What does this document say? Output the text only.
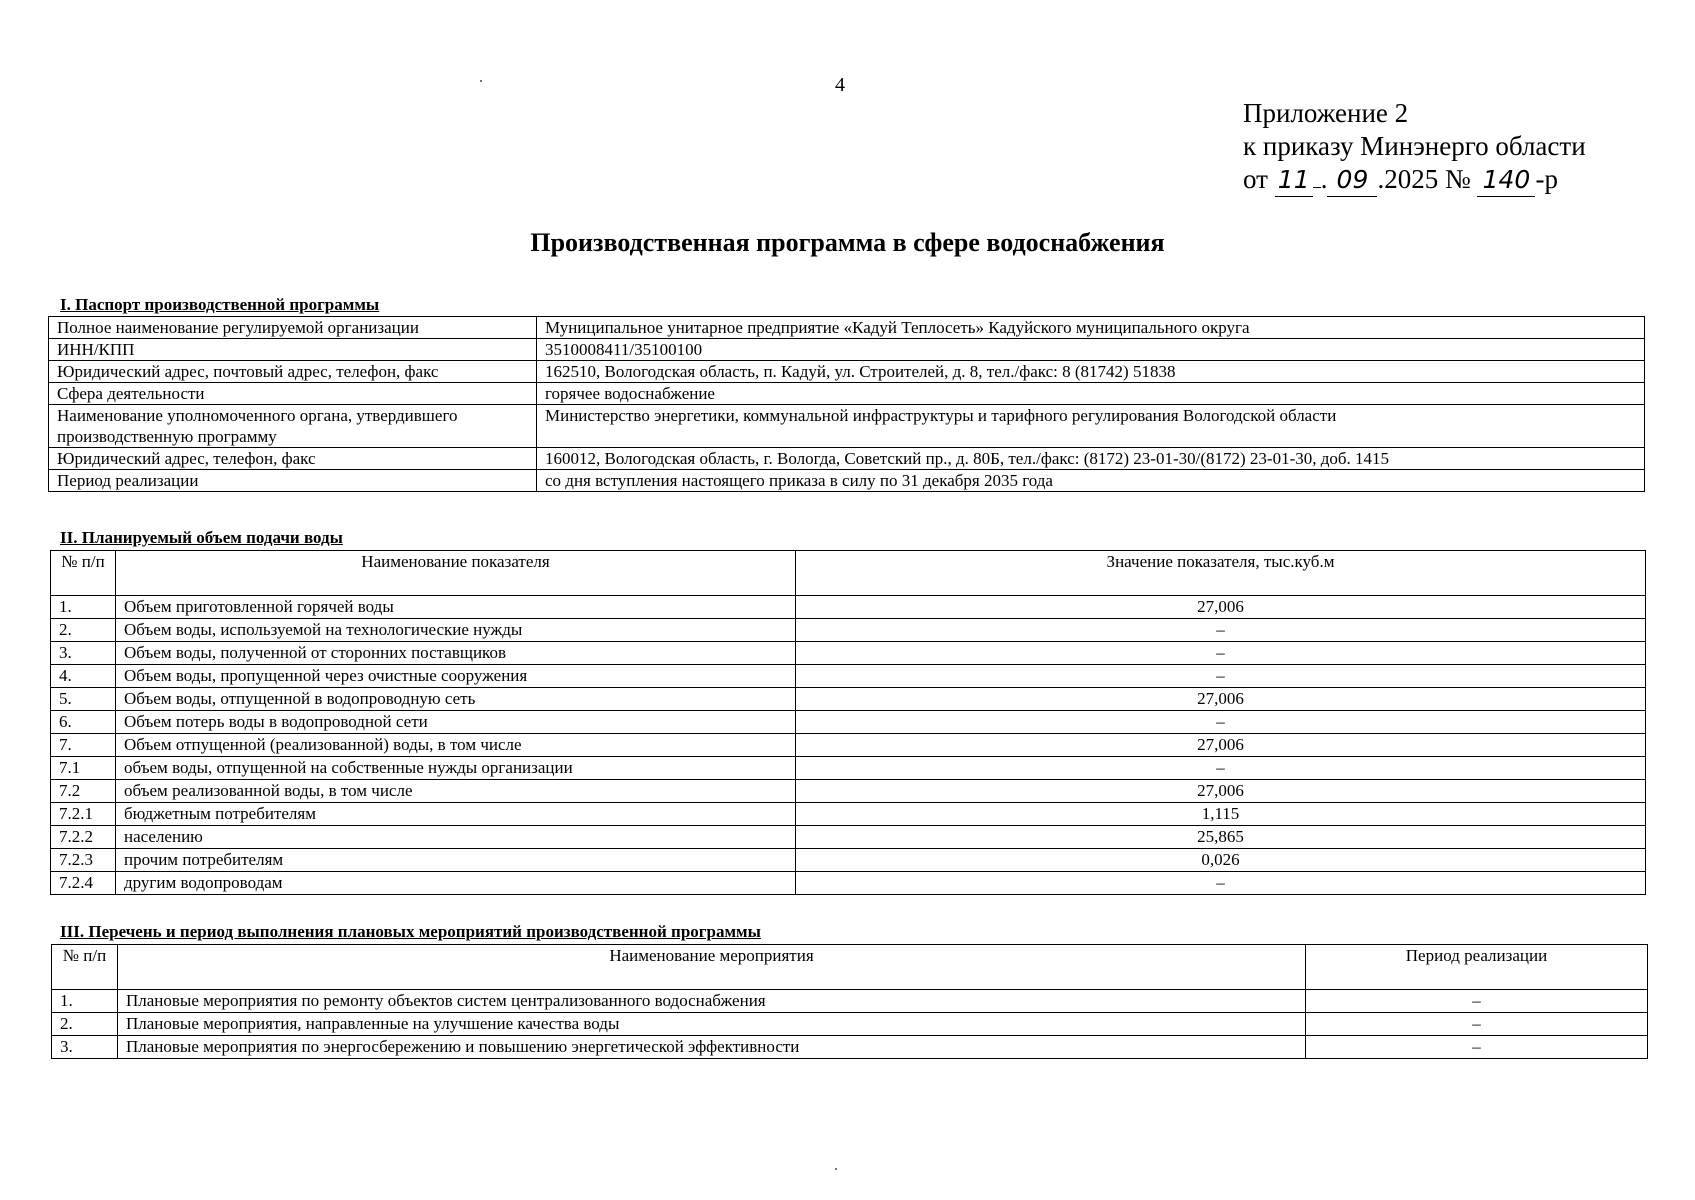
4
Приложение 2
к приказу Минэнерго области
от 11 . 09 .2025 № 140 -р
Производственная программа в сфере водоснабжения
I. Паспорт производственной программы
Полное наименование регулируемой организации	Муниципальное унитарное предприятие «Кадуй Теплосеть» Кадуйского муниципального округа
ИНН/КПП	3510008411/35100100
Юридический адрес, почтовый адрес, телефон, факс	162510, Вологодская область, п. Кадуй, ул. Строителей, д. 8, тел./факс: 8 (81742) 51838
Сфера деятельности	горячее водоснабжение
Наименование уполномоченного органа, утвердившего производственную программу	Министерство энергетики, коммунальной инфраструктуры и тарифного регулирования Вологодской области
Юридический адрес, телефон, факс	160012, Вологодская область, г. Вологда, Советский пр., д. 80Б, тел./факс: (8172) 23-01-30/(8172) 23-01-30, доб. 1415
Период реализации	со дня вступления настоящего приказа в силу по 31 декабря 2035 года
II. Планируемый объем подачи воды
№ п/п	Наименование показателя	Значение показателя, тыс.куб.м
1.	Объем приготовленной горячей воды	27,006
2.	Объем воды, используемой на технологические нужды	–
3.	Объем воды, полученной от сторонних поставщиков	–
4.	Объем воды, пропущенной через очистные сооружения	–
5.	Объем воды, отпущенной в водопроводную сеть	27,006
6.	Объем потерь воды в водопроводной сети	–
7.	Объем отпущенной (реализованной) воды, в том числе	27,006
7.1	объем воды, отпущенной на собственные нужды организации	–
7.2	объем реализованной воды, в том числе	27,006
7.2.1	бюджетным потребителям	1,115
7.2.2	населению	25,865
7.2.3	прочим потребителям	0,026
7.2.4	другим водопроводам	–
III. Перечень и период выполнения плановых мероприятий производственной программы
№ п/п	Наименование мероприятия	Период реализации
1.	Плановые мероприятия по ремонту объектов систем централизованного водоснабжения	–
2.	Плановые мероприятия, направленные на улучшение качества воды	–
3.	Плановые мероприятия по энергосбережению и повышению энергетической эффективности	–
